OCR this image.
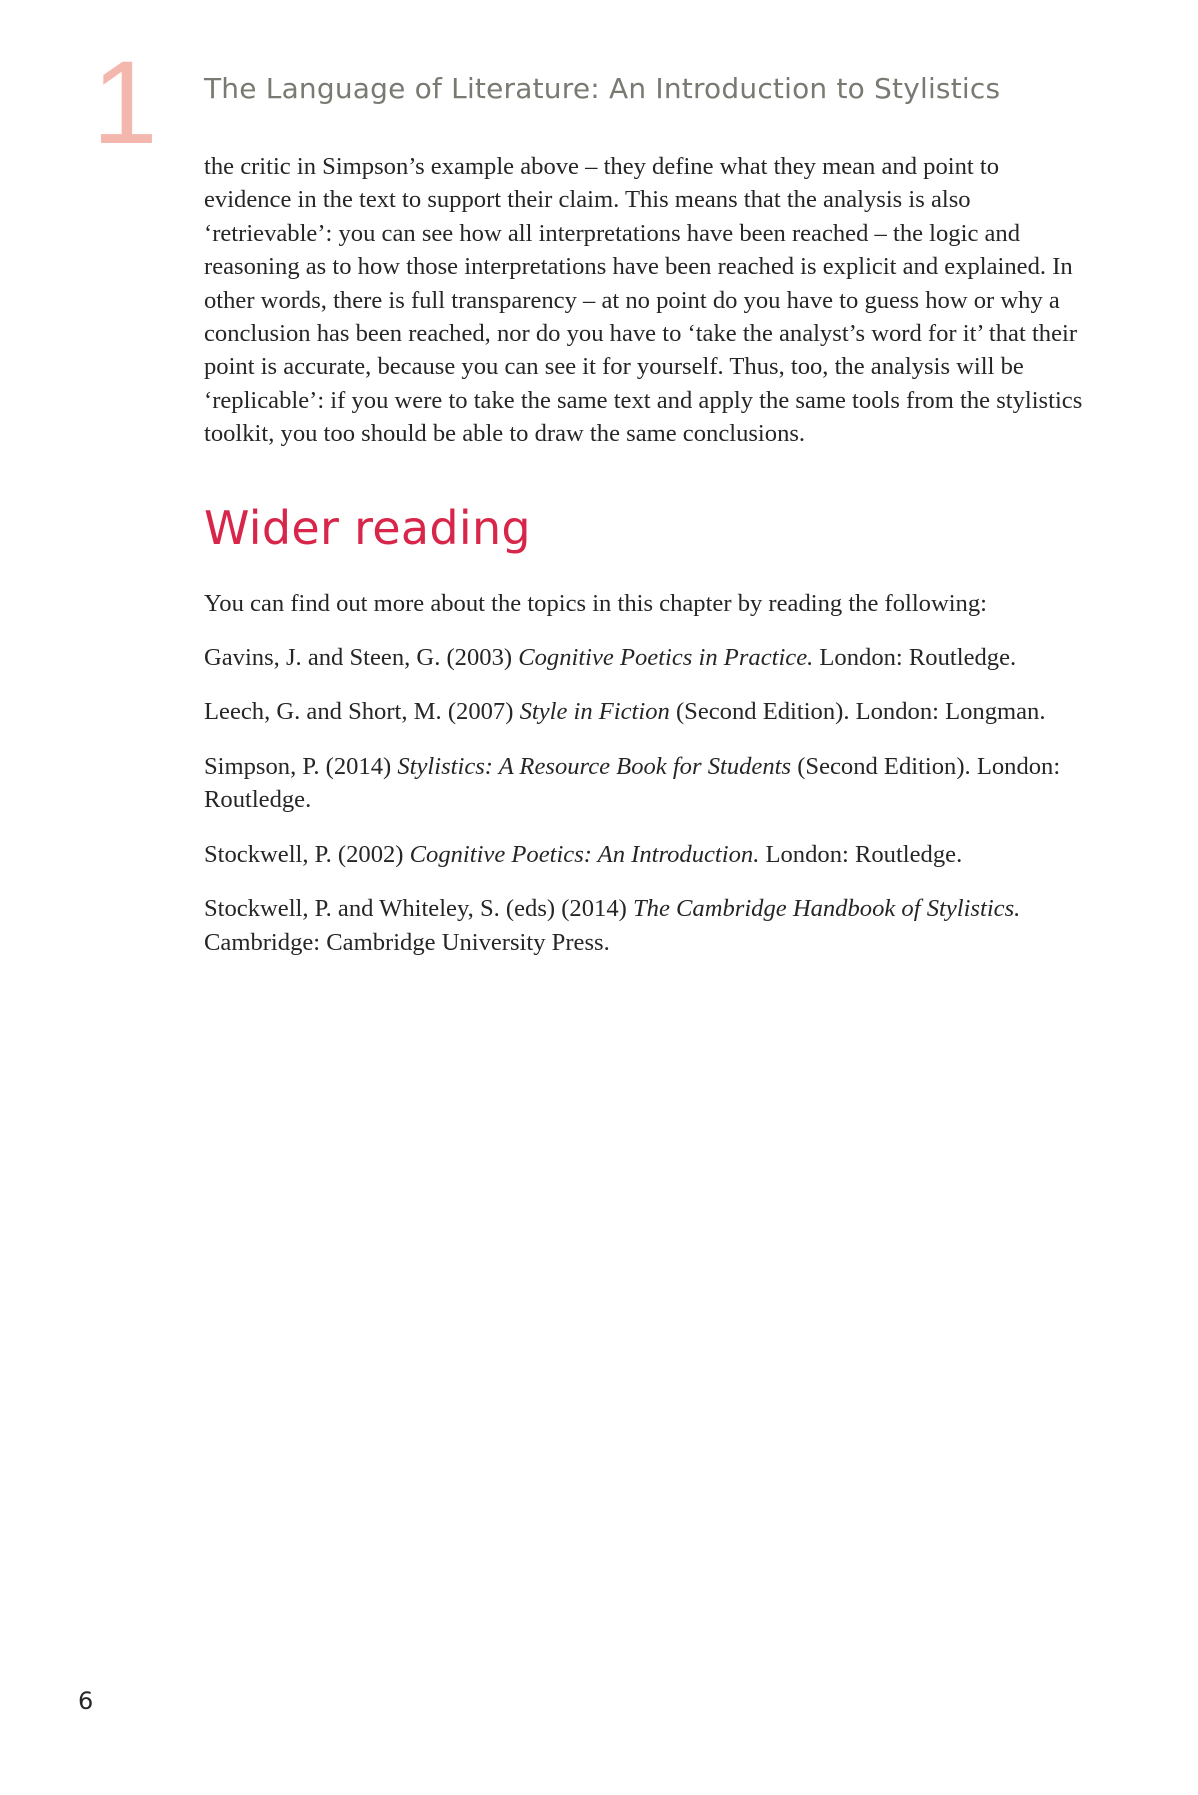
1 The Language of Literature: An Introduction to Stylistics

the critic in Simpson’s example above – they define what they mean and point to evidence in the text to support their claim. This means that the analysis is also ‘retrievable’: you can see how all interpretations have been reached – the logic and reasoning as to how those interpretations have been reached is explicit and explained. In other words, there is full transparency – at no point do you have to guess how or why a conclusion has been reached, nor do you have to ‘take the analyst’s word for it’ that their point is accurate, because you can see it for yourself. Thus, too, the analysis will be ‘replicable’: if you were to take the same text and apply the same tools from the stylistics toolkit, you too should be able to draw the same conclusions.

Wider reading

You can find out more about the topics in this chapter by reading the following:

Gavins, J. and Steen, G. (2003) Cognitive Poetics in Practice. London: Routledge.
Leech, G. and Short, M. (2007) Style in Fiction (Second Edition). London: Longman.
Simpson, P. (2014) Stylistics: A Resource Book for Students (Second Edition). London: Routledge.
Stockwell, P. (2002) Cognitive Poetics: An Introduction. London: Routledge.
Stockwell, P. and Whiteley, S. (eds) (2014) The Cambridge Handbook of Stylistics. Cambridge: Cambridge University Press.
6
